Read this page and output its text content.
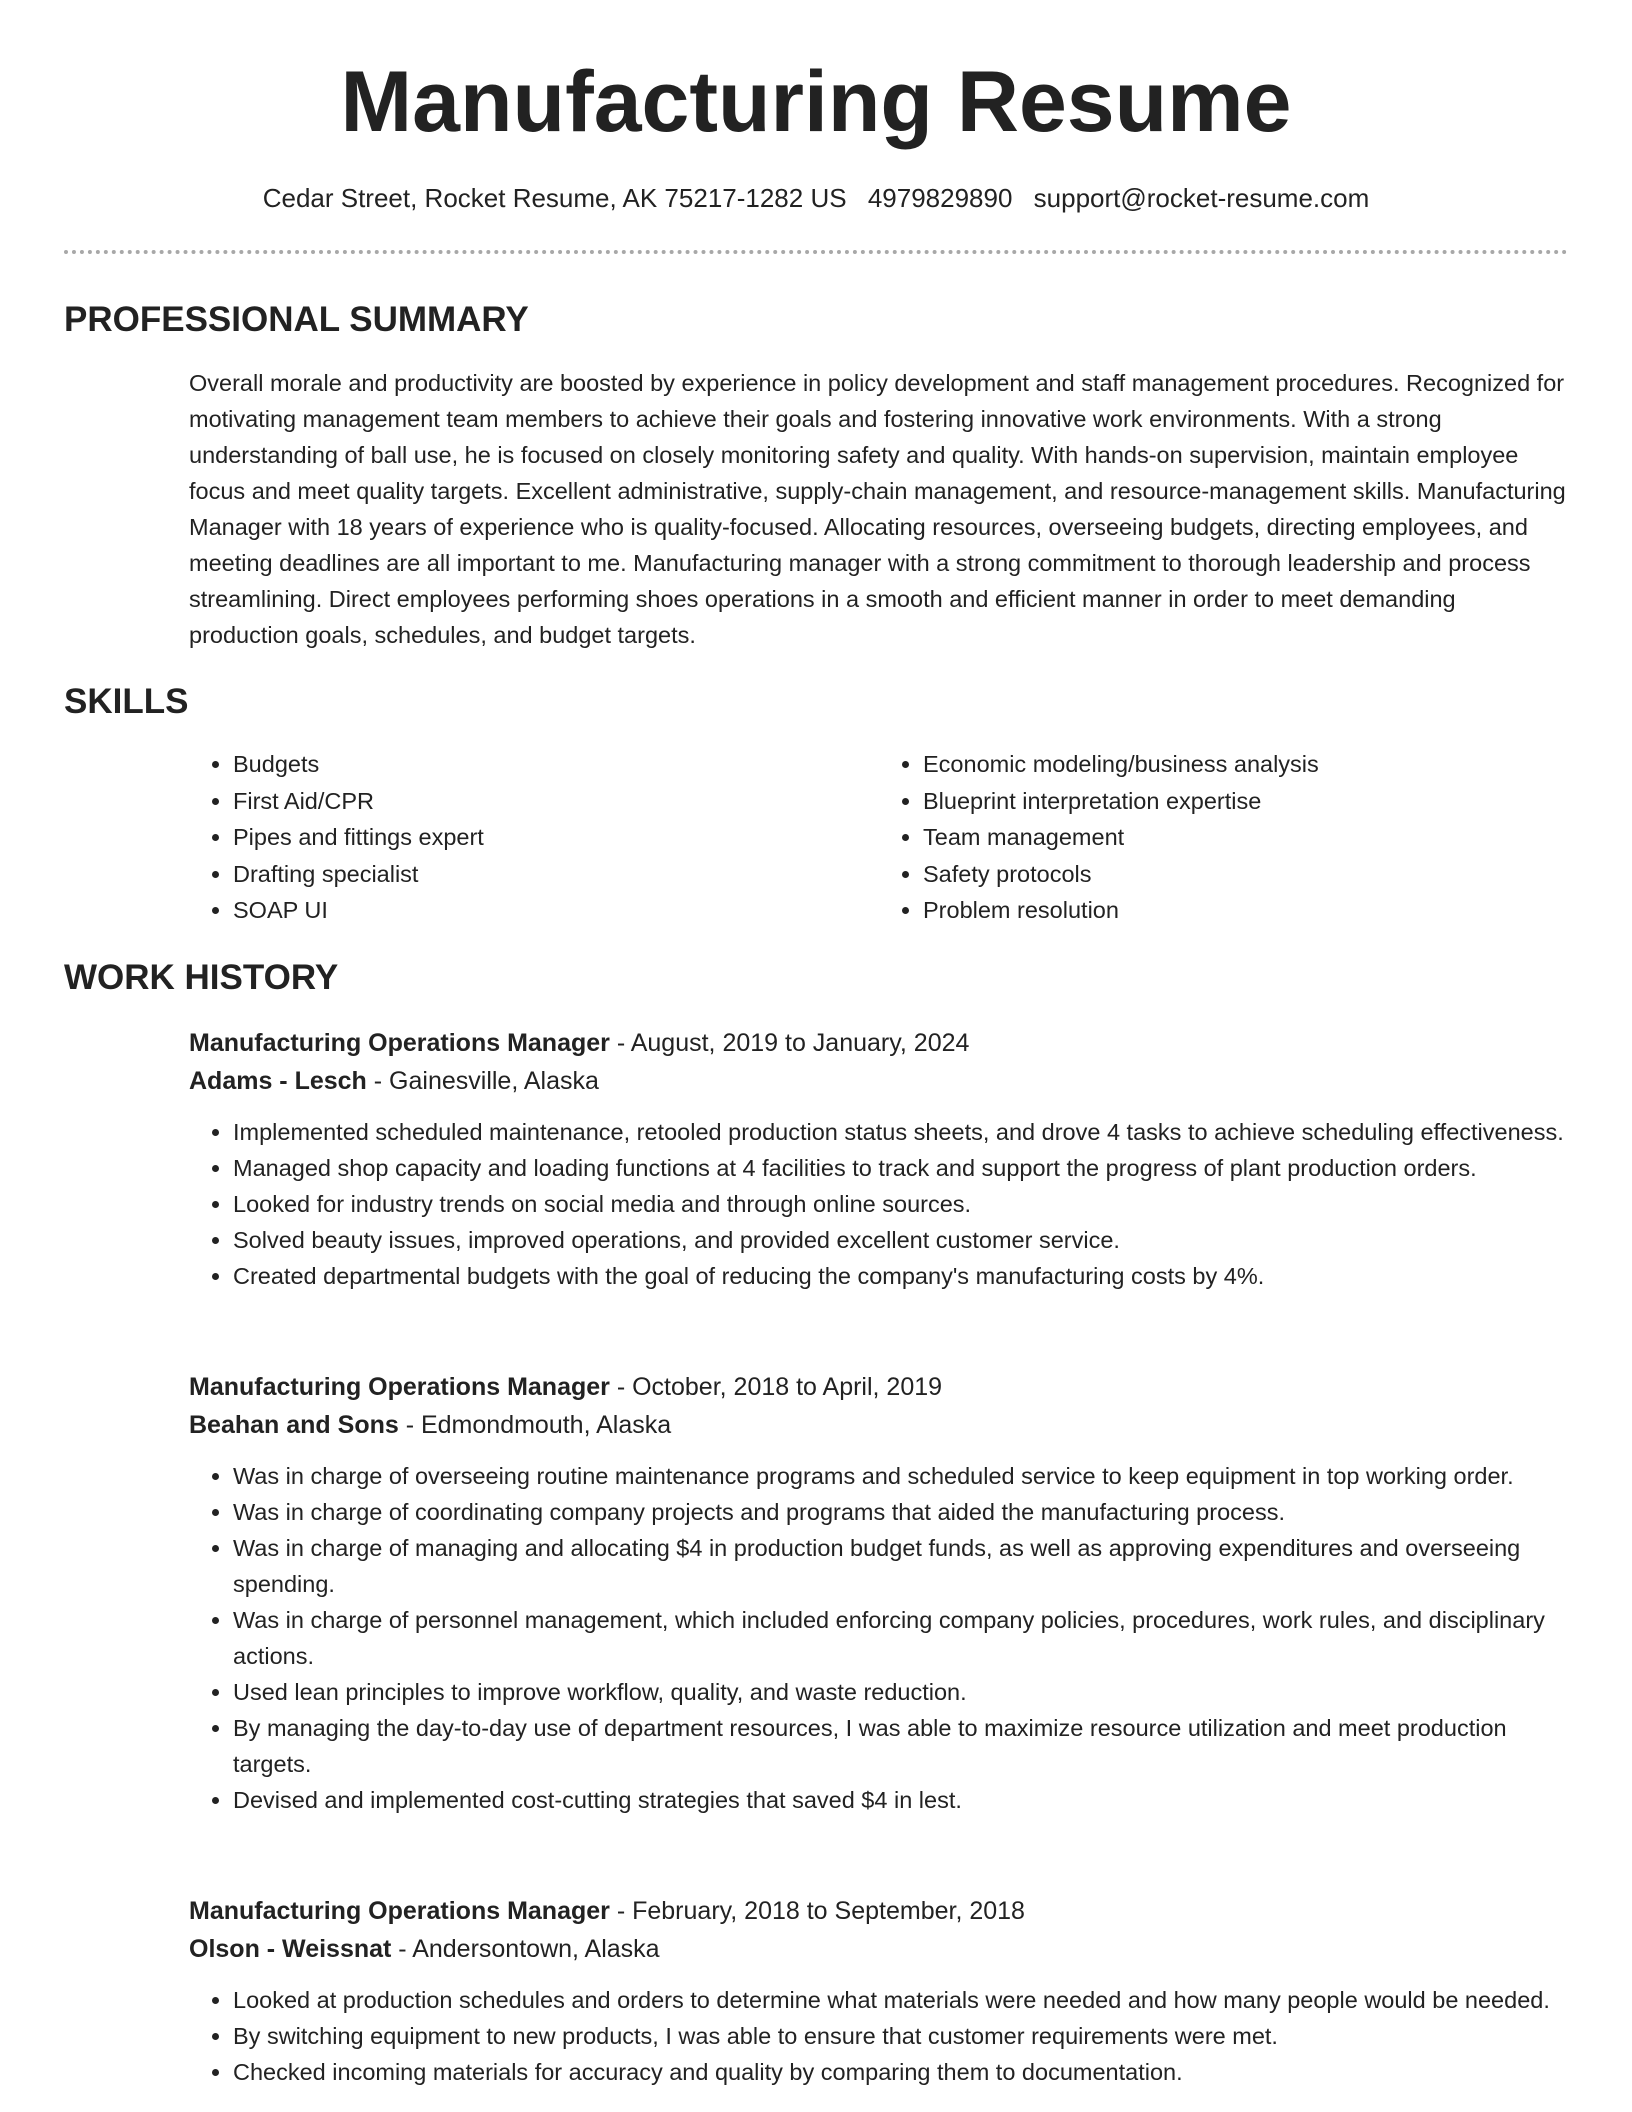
Manufacturing Resume
Cedar Street, Rocket Resume, AK 75217-1282 US 4979829890 support@rocket-resume.com
PROFESSIONAL SUMMARY

Overall morale and productivity are boosted by experience in policy development and staff management procedures. Recognized for motivating management team members to achieve their goals and fostering innovative work environments. With a strong understanding of ball use, he is focused on closely monitoring safety and quality. With hands-on supervision, maintain employee focus and meet quality targets. Excellent administrative, supply-chain management, and resource-management skills. Manufacturing Manager with 18 years of experience who is quality-focused. Allocating resources, overseeing budgets, directing employees, and meeting deadlines are all important to me. Manufacturing manager with a strong commitment to thorough leadership and process streamlining. Direct employees performing shoes operations in a smooth and efficient manner in order to meet demanding production goals, schedules, and budget targets.

SKILLS
• Budgets
• First Aid/CPR
• Pipes and fittings expert
• Drafting specialist
• SOAP UI
• Economic modeling/business analysis
• Blueprint interpretation expertise
• Team management
• Safety protocols
• Problem resolution
WORK HISTORY

Manufacturing Operations Manager - August, 2019 to January, 2024

Adams - Lesch - Gainesville, Alaska

• Implemented scheduled maintenance, retooled production status sheets, and drove 4 tasks to achieve scheduling effectiveness.
• Managed shop capacity and loading functions at 4 facilities to track and support the progress of plant production orders.
• Looked for industry trends on social media and through online sources.
• Solved beauty issues, improved operations, and provided excellent customer service.
• Created departmental budgets with the goal of reducing the company's manufacturing costs by 4%.

Manufacturing Operations Manager - October, 2018 to April, 2019

Beahan and Sons - Edmondmouth, Alaska

• Was in charge of overseeing routine maintenance programs and scheduled service to keep equipment in top working order.
• Was in charge of coordinating company projects and programs that aided the manufacturing process.
• Was in charge of managing and allocating $4 in production budget funds, as well as approving expenditures and overseeing spending.
• Was in charge of personnel management, which included enforcing company policies, procedures, work rules, and disciplinary actions.
• Used lean principles to improve workflow, quality, and waste reduction.
• By managing the day-to-day use of department resources, I was able to maximize resource utilization and meet production targets.
• Devised and implemented cost-cutting strategies that saved $4 in lest.

Manufacturing Operations Manager - February, 2018 to September, 2018

Olson - Weissnat - Andersontown, Alaska

• Looked at production schedules and orders to determine what materials were needed and how many people would be needed.
• By switching equipment to new products, I was able to ensure that customer requirements were met.
• Checked incoming materials for accuracy and quality by comparing them to documentation.
